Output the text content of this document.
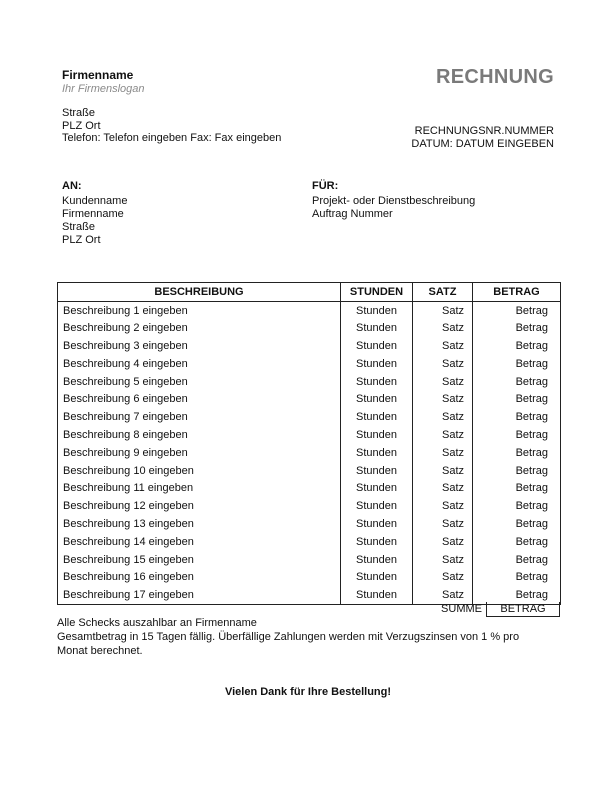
Firmenname
Ihr Firmenslogan
Straße
PLZ Ort
Telefon: Telefon eingeben Fax: Fax eingeben
RECHNUNG
RECHNUNGSNR.NUMMER
DATUM: DATUM EINGEBEN
AN:
Kundenname
Firmenname
Straße
PLZ Ort
FÜR:
Projekt- oder Dienstbeschreibung
Auftrag Nummer
BESCHREIBUNG	STUNDEN	SATZ	BETRAG
Beschreibung 1 eingeben	Stunden	Satz	Betrag
Beschreibung 2 eingeben	Stunden	Satz	Betrag
Beschreibung 3 eingeben	Stunden	Satz	Betrag
Beschreibung 4 eingeben	Stunden	Satz	Betrag
Beschreibung 5 eingeben	Stunden	Satz	Betrag
Beschreibung 6 eingeben	Stunden	Satz	Betrag
Beschreibung 7 eingeben	Stunden	Satz	Betrag
Beschreibung 8 eingeben	Stunden	Satz	Betrag
Beschreibung 9 eingeben	Stunden	Satz	Betrag
Beschreibung 10 eingeben	Stunden	Satz	Betrag
Beschreibung 11 eingeben	Stunden	Satz	Betrag
Beschreibung 12 eingeben	Stunden	Satz	Betrag
Beschreibung 13 eingeben	Stunden	Satz	Betrag
Beschreibung 14 eingeben	Stunden	Satz	Betrag
Beschreibung 15 eingeben	Stunden	Satz	Betrag
Beschreibung 16 eingeben	Stunden	Satz	Betrag
Beschreibung 17 eingeben	Stunden	Satz	Betrag
SUMME	BETRAG
Alle Schecks auszahlbar an Firmenname
Gesamtbetrag in 15 Tagen fällig. Überfällige Zahlungen werden mit Verzugszinsen von 1 % pro
Monat berechnet.
Vielen Dank für Ihre Bestellung!
